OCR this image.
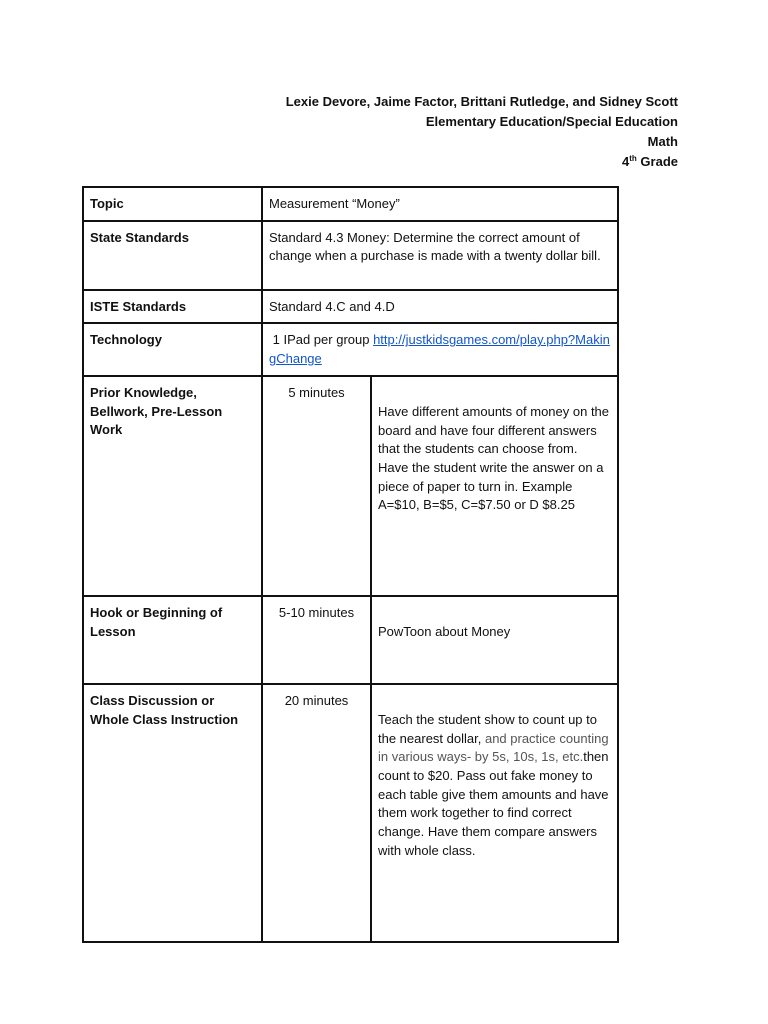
Lexie Devore, Jaime Factor, Brittani Rutledge, and Sidney Scott
Elementary Education/Special Education
Math
4th Grade
Topic	Measurement “Money”	
State Standards	Standard 4.3 Money: Determine the correct amount of change when a purchase is made with a twenty dollar bill.	
ISTE Standards	Standard 4.C and 4.D	
Technology	1 IPad per group http://justkidsgames.com/play.php?MakingChange	
Prior Knowledge, Bellwork, Pre-Lesson Work	5 minutes	Have different amounts of money on the board and have four different answers that the students can choose from. Have the student write the answer on a piece of paper to turn in. Example A=$10, B=$5, C=$7.50 or D $8.25

Hook or Beginning of Lesson	5-10 minutes	PowToon about Money

Class Discussion or Whole Class Instruction	20 minutes	Teach the student show to count up to the nearest dollar, and practice counting in various ways- by 5s, 10s, 1s, etc.then count to $20. Pass out fake money to each table give them amounts and have them work together to find correct change. Have them compare answers with whole class.
